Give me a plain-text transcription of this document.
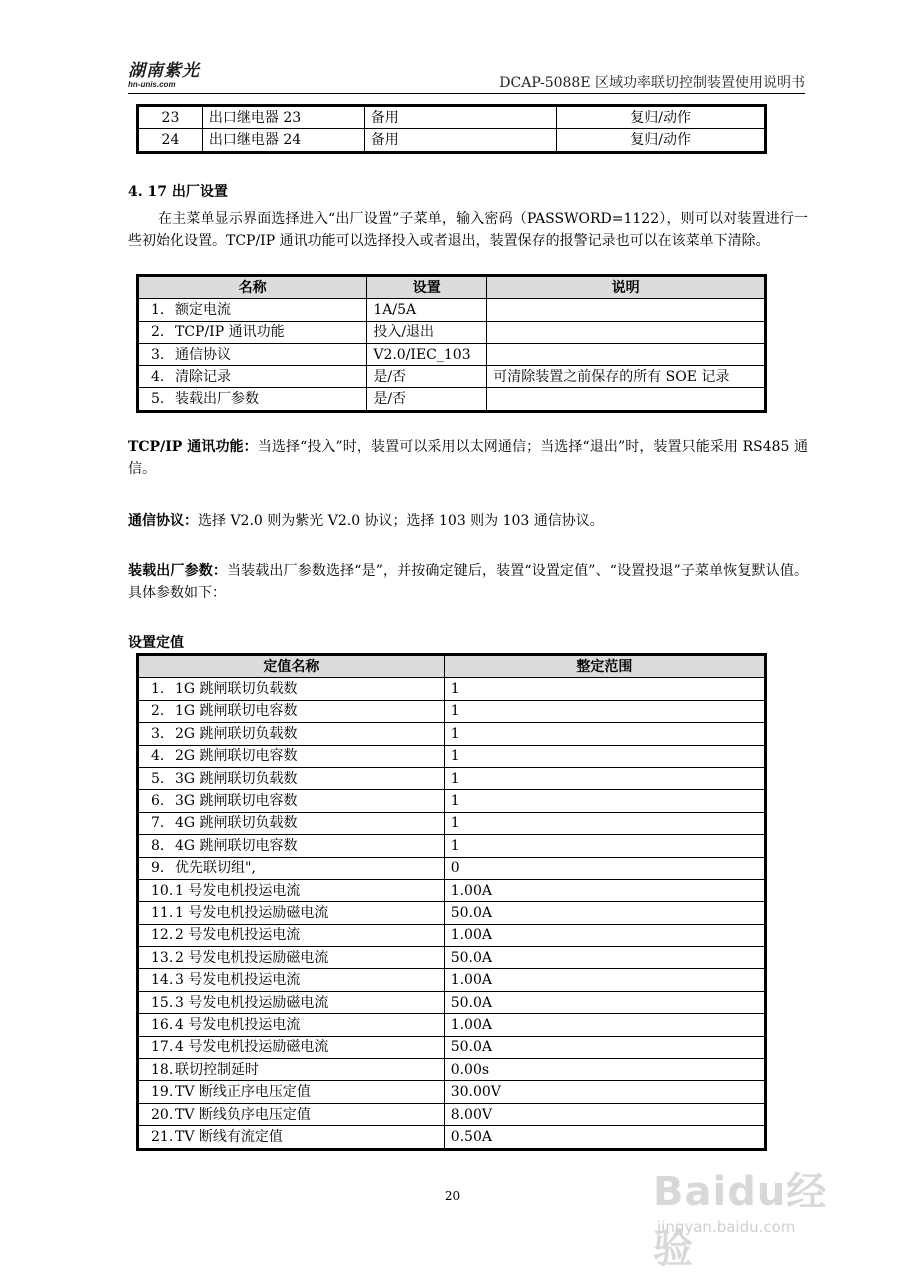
湖南紫光
hn-unis.com	DCAP-5088E 区域功率联切控制装置使用说明书
23	出口继电器 23	备用	复归/动作
24	出口继电器 24	备用	复归/动作
4. 17 出厂设置

在主菜单显示界面选择进入“出厂设置”子菜单，输入密码（PASSWORD=1122），则可以对装置进行一些初始化设置。TCP/IP 通讯功能可以选择投入或者退出，装置保存的报警记录也可以在该菜单下清除。

名称	设置	说明
1. 额定电流	1A/5A	
2. TCP/IP 通讯功能	投入/退出	
3. 通信协议	V2.0/IEC_103	
4. 清除记录	是/否	可清除装置之前保存的所有 SOE 记录
5. 装载出厂参数	是/否	

TCP/IP 通讯功能：当选择“投入”时，装置可以采用以太网通信；当选择“退出”时，装置只能采用 RS485 通信。

通信协议：选择 V2.0 则为紫光 V2.0 协议；选择 103 则为 103 通信协议。

装载出厂参数：当装载出厂参数选择“是”，并按确定键后，装置“设置定值”、“设置投退”子菜单恢复默认值。具体参数如下：

设置定值
定值名称	整定范围
1. 1G 跳闸联切负载数	1
2. 1G 跳闸联切电容数	1
3. 2G 跳闸联切负载数	1
4. 2G 跳闸联切电容数	1
5. 3G 跳闸联切负载数	1
6. 3G 跳闸联切电容数	1
7. 4G 跳闸联切负载数	1
8. 4G 跳闸联切电容数	1
9. 优先联切组",	0
10. 1 号发电机投运电流	1.00A
11. 1 号发电机投运励磁电流	50.0A
12. 2 号发电机投运电流	1.00A
13. 2 号发电机投运励磁电流	50.0A
14. 3 号发电机投运电流	1.00A
15. 3 号发电机投运励磁电流	50.0A
16. 4 号发电机投运电流	1.00A
17. 4 号发电机投运励磁电流	50.0A
18. 联切控制延时	0.00s
19. TV 断线正序电压定值	30.00V
20. TV 断线负序电压定值	8.00V
21. TV 断线有流定值	0.50A
20	Baidu经验
jingyan.baidu.com
